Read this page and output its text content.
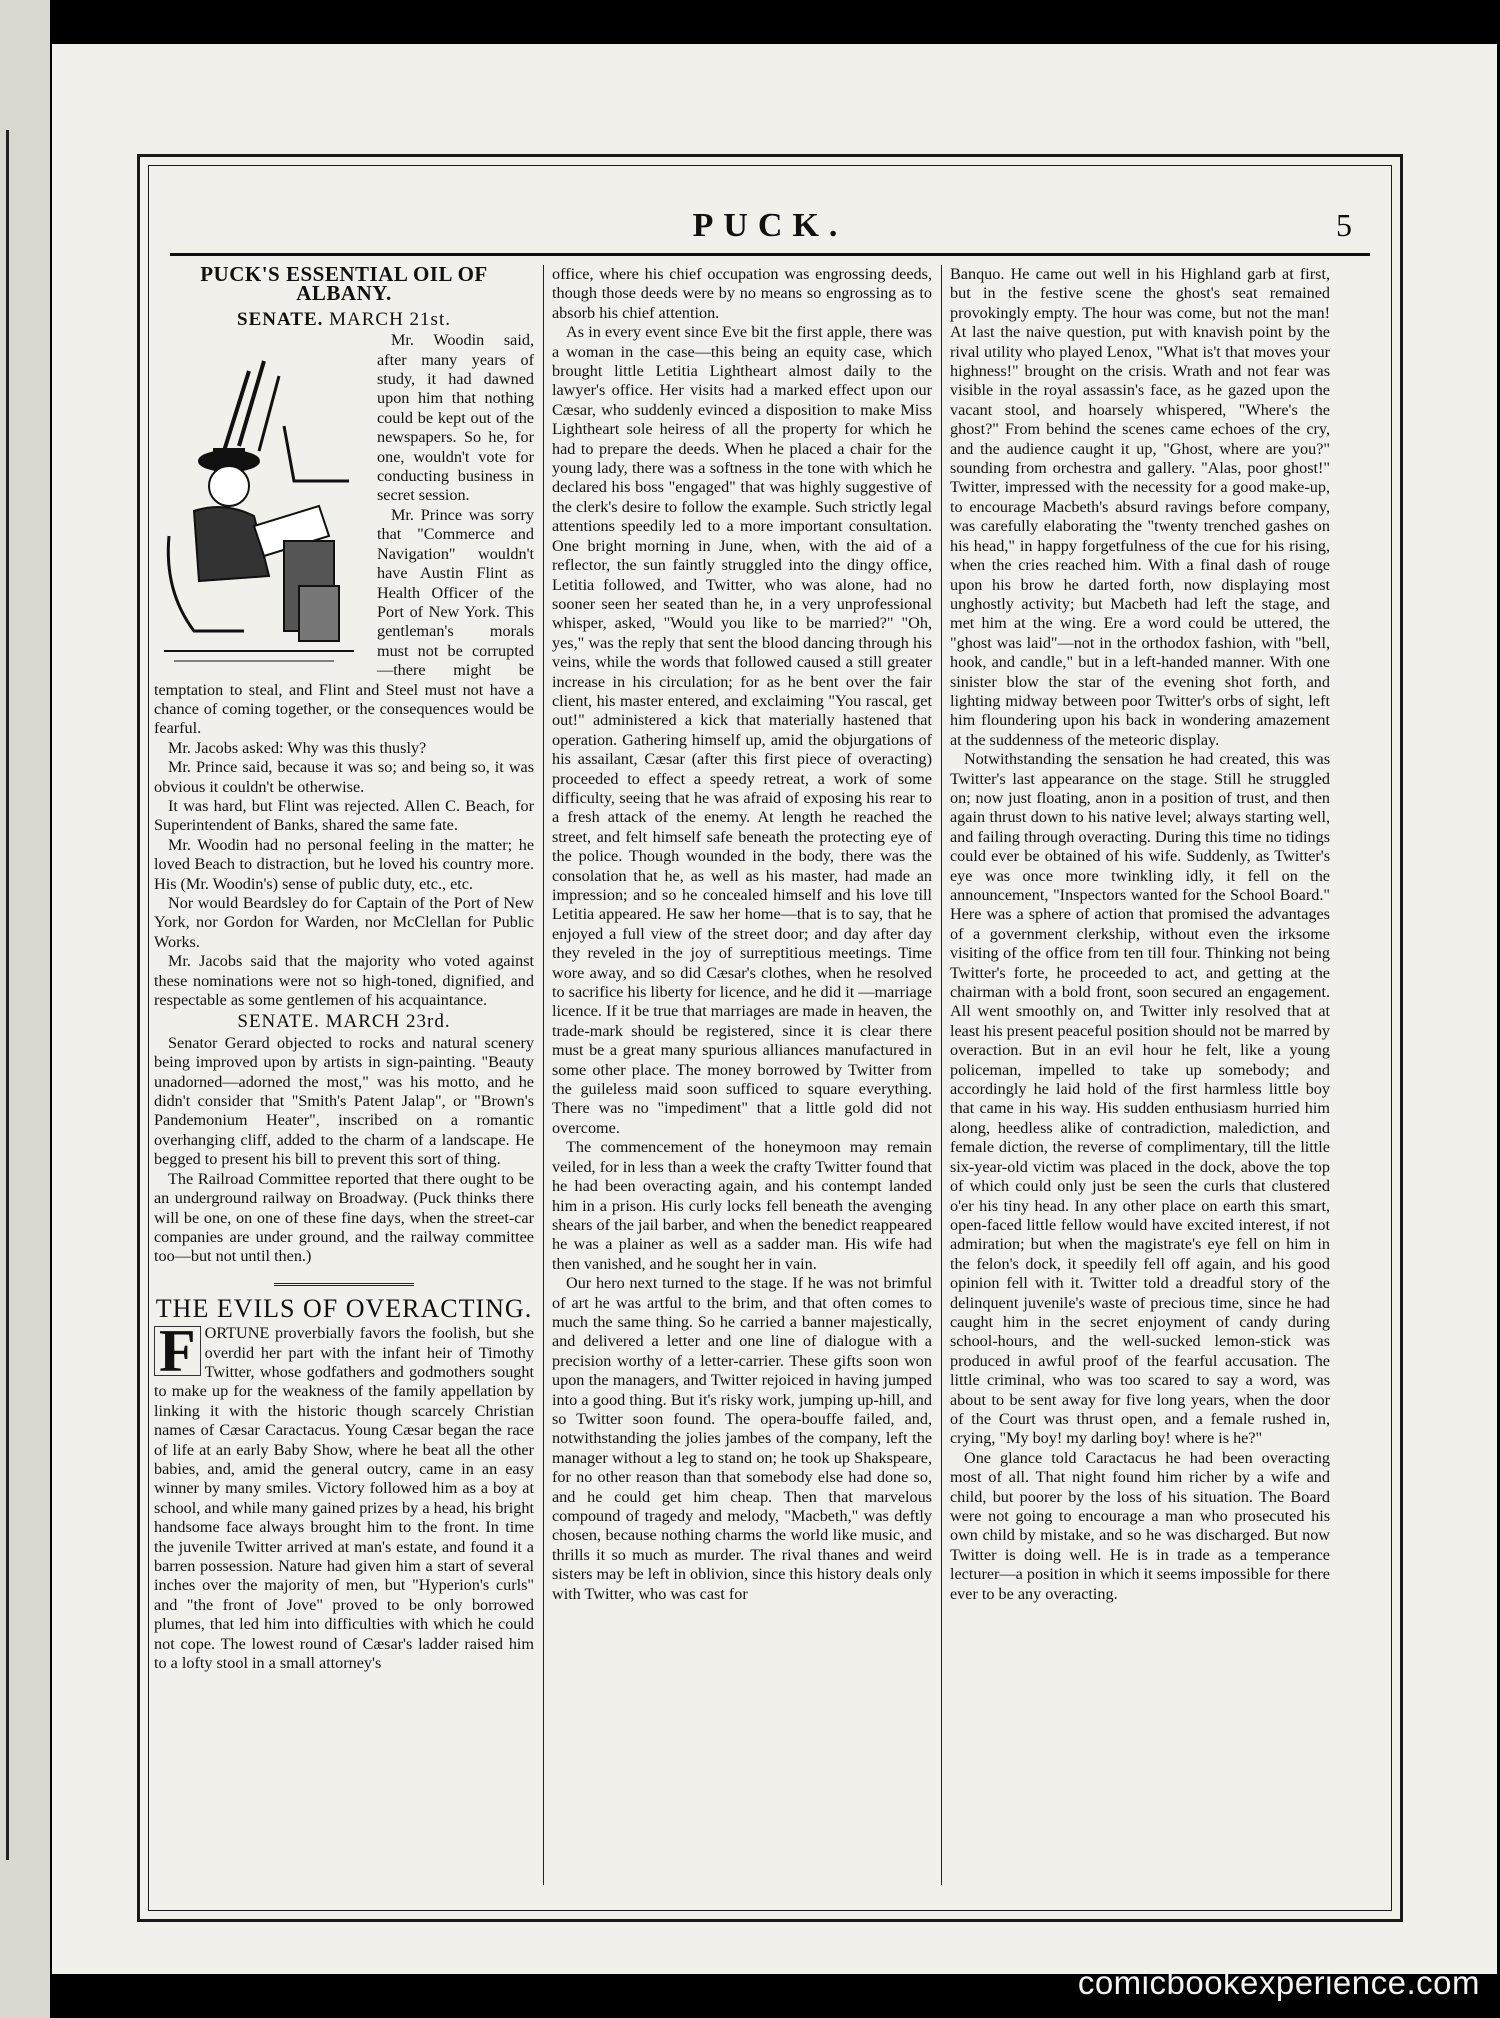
PUCK.	5
PUCK'S ESSENTIAL OIL OF ALBANY.
SENATE. MARCH 21st.

Mr. Woodin said, after many years of study, it had dawned upon him that nothing could be kept out of the newspapers. So he, for one, wouldn't vote for conducting business in secret session.

Mr. Prince was sorry that "Commerce and Navigation" wouldn't have Austin Flint as Health Officer of the Port of New York. This gentleman's morals must not be corrupted—there might be temptation to steal, and Flint and Steel must not have a chance of coming together, or the consequences would be fearful.

Mr. Jacobs asked: Why was this thusly?

Mr. Prince said, because it was so; and being so, it was obvious it couldn't be otherwise.

It was hard, but Flint was rejected. Allen C. Beach, for Superintendent of Banks, shared the same fate.

Mr. Woodin had no personal feeling in the matter; he loved Beach to distraction, but he loved his country more. His (Mr. Woodin's) sense of public duty, etc., etc.

Nor would Beardsley do for Captain of the Port of New York, nor Gordon for Warden, nor McClellan for Public Works.

Mr. Jacobs said that the majority who voted against these nominations were not so high-toned, dignified, and respectable as some gentlemen of his acquaintance.

SENATE. MARCH 23rd.

Senator Gerard objected to rocks and natural scenery being improved upon by artists in sign-painting. "Beauty unadorned—adorned the most," was his motto, and he didn't consider that "Smith's Patent Jalap", or "Brown's Pandemonium Heater", inscribed on a romantic overhanging cliff, added to the charm of a landscape. He begged to present his bill to prevent this sort of thing.

The Railroad Committee reported that there ought to be an underground railway on Broadway. (Puck thinks there will be one, on one of these fine days, when the street-car companies are under ground, and the railway committee too—but not until then.)

THE EVILS OF OVERACTING.

F ORTUNE proverbially favors the foolish, but she overdid her part with the infant heir of Timothy Twitter, whose godfathers and godmothers sought to make up for the weakness of the family appellation by linking it with the historic though scarcely Christian names of Cæsar Caractacus. Young Cæsar began the race of life at an early Baby Show, where he beat all the other babies, and, amid the general outcry, came in an easy winner by many smiles. Victory followed him as a boy at school, and while many gained prizes by a head, his bright handsome face always brought him to the front. In time the juvenile Twitter arrived at man's estate, and found it a barren possession. Nature had given him a start of several inches over the majority of men, but "Hyperion's curls" and "the front of Jove" proved to be only borrowed plumes, that led him into difficulties with which he could not cope. The lowest round of Cæsar's ladder raised him to a lofty stool in a small attorney's

office, where his chief occupation was engrossing deeds, though those deeds were by no means so engrossing as to absorb his chief attention.

As in every event since Eve bit the first apple, there was a woman in the case—this being an equity case, which brought little Letitia Lightheart almost daily to the lawyer's office. Her visits had a marked effect upon our Cæsar, who suddenly evinced a disposition to make Miss Lightheart sole heiress of all the property for which he had to prepare the deeds. When he placed a chair for the young lady, there was a softness in the tone with which he declared his boss "engaged" that was highly suggestive of the clerk's desire to follow the example. Such strictly legal attentions speedily led to a more important consultation. One bright morning in June, when, with the aid of a reflector, the sun faintly struggled into the dingy office, Letitia followed, and Twitter, who was alone, had no sooner seen her seated than he, in a very unprofessional whisper, asked, "Would you like to be married?" "Oh, yes," was the reply that sent the blood dancing through his veins, while the words that followed caused a still greater increase in his circulation; for as he bent over the fair client, his master entered, and exclaiming "You rascal, get out!" administered a kick that materially hastened that operation. Gathering himself up, amid the objurgations of his assailant, Cæsar (after this first piece of overacting) proceeded to effect a speedy retreat, a work of some difficulty, seeing that he was afraid of exposing his rear to a fresh attack of the enemy. At length he reached the street, and felt himself safe beneath the protecting eye of the police. Though wounded in the body, there was the consolation that he, as well as his master, had made an impression; and so he concealed himself and his love till Letitia appeared. He saw her home—that is to say, that he enjoyed a full view of the street door; and day after day they reveled in the joy of surreptitious meetings. Time wore away, and so did Cæsar's clothes, when he resolved to sacrifice his liberty for licence, and he did it —marriage licence. If it be true that marriages are made in heaven, the trade-mark should be registered, since it is clear there must be a great many spurious alliances manufactured in some other place. The money borrowed by Twitter from the guileless maid soon sufficed to square everything. There was no "impediment" that a little gold did not overcome.

The commencement of the honeymoon may remain veiled, for in less than a week the crafty Twitter found that he had been overacting again, and his contempt landed him in a prison. His curly locks fell beneath the avenging shears of the jail barber, and when the benedict reappeared he was a plainer as well as a sadder man. His wife had then vanished, and he sought her in vain.

Our hero next turned to the stage. If he was not brimful of art he was artful to the brim, and that often comes to much the same thing. So he carried a banner majestically, and delivered a letter and one line of dialogue with a precision worthy of a letter-carrier. These gifts soon won upon the managers, and Twitter rejoiced in having jumped into a good thing. But it's risky work, jumping up-hill, and so Twitter soon found. The opera-bouffe failed, and, notwithstanding the jolies jambes of the company, left the manager without a leg to stand on; he took up Shakspeare, for no other reason than that somebody else had done so, and he could get him cheap. Then that marvelous compound of tragedy and melody, "Macbeth," was deftly chosen, because nothing charms the world like music, and thrills it so much as murder. The rival thanes and weird sisters may be left in oblivion, since this history deals only with Twitter, who was cast for

Banquo. He came out well in his Highland garb at first, but in the festive scene the ghost's seat remained provokingly empty. The hour was come, but not the man! At last the naive question, put with knavish point by the rival utility who played Lenox, "What is't that moves your highness!" brought on the crisis. Wrath and not fear was visible in the royal assassin's face, as he gazed upon the vacant stool, and hoarsely whispered, "Where's the ghost?" From behind the scenes came echoes of the cry, and the audience caught it up, "Ghost, where are you?" sounding from orchestra and gallery. "Alas, poor ghost!" Twitter, impressed with the necessity for a good make-up, to encourage Macbeth's absurd ravings before company, was carefully elaborating the "twenty trenched gashes on his head," in happy forgetfulness of the cue for his rising, when the cries reached him. With a final dash of rouge upon his brow he darted forth, now displaying most unghostly activity; but Macbeth had left the stage, and met him at the wing. Ere a word could be uttered, the "ghost was laid"—not in the orthodox fashion, with "bell, hook, and candle," but in a left-handed manner. With one sinister blow the star of the evening shot forth, and lighting midway between poor Twitter's orbs of sight, left him floundering upon his back in wondering amazement at the suddenness of the meteoric display.

Notwithstanding the sensation he had created, this was Twitter's last appearance on the stage. Still he struggled on; now just floating, anon in a position of trust, and then again thrust down to his native level; always starting well, and failing through overacting. During this time no tidings could ever be obtained of his wife. Suddenly, as Twitter's eye was once more twinkling idly, it fell on the announcement, "Inspectors wanted for the School Board." Here was a sphere of action that promised the advantages of a government clerkship, without even the irksome visiting of the office from ten till four. Thinking not being Twitter's forte, he proceeded to act, and getting at the chairman with a bold front, soon secured an engagement. All went smoothly on, and Twitter inly resolved that at least his present peaceful position should not be marred by overaction. But in an evil hour he felt, like a young policeman, impelled to take up somebody; and accordingly he laid hold of the first harmless little boy that came in his way. His sudden enthusiasm hurried him along, heedless alike of contradiction, malediction, and female diction, the reverse of complimentary, till the little six-year-old victim was placed in the dock, above the top of which could only just be seen the curls that clustered o'er his tiny head. In any other place on earth this smart, open-faced little fellow would have excited interest, if not admiration; but when the magistrate's eye fell on him in the felon's dock, it speedily fell off again, and his good opinion fell with it. Twitter told a dreadful story of the delinquent juvenile's waste of precious time, since he had caught him in the secret enjoyment of candy during school-hours, and the well-sucked lemon-stick was produced in awful proof of the fearful accusation. The little criminal, who was too scared to say a word, was about to be sent away for five long years, when the door of the Court was thrust open, and a female rushed in, crying, "My boy! my darling boy! where is he?"

One glance told Caractacus he had been overacting most of all. That night found him richer by a wife and child, but poorer by the loss of his situation. The Board were not going to encourage a man who prosecuted his own child by mistake, and so he was discharged. But now Twitter is doing well. He is in trade as a temperance lecturer—a position in which it seems impossible for there ever to be any overacting.

comicbookexperience.com
